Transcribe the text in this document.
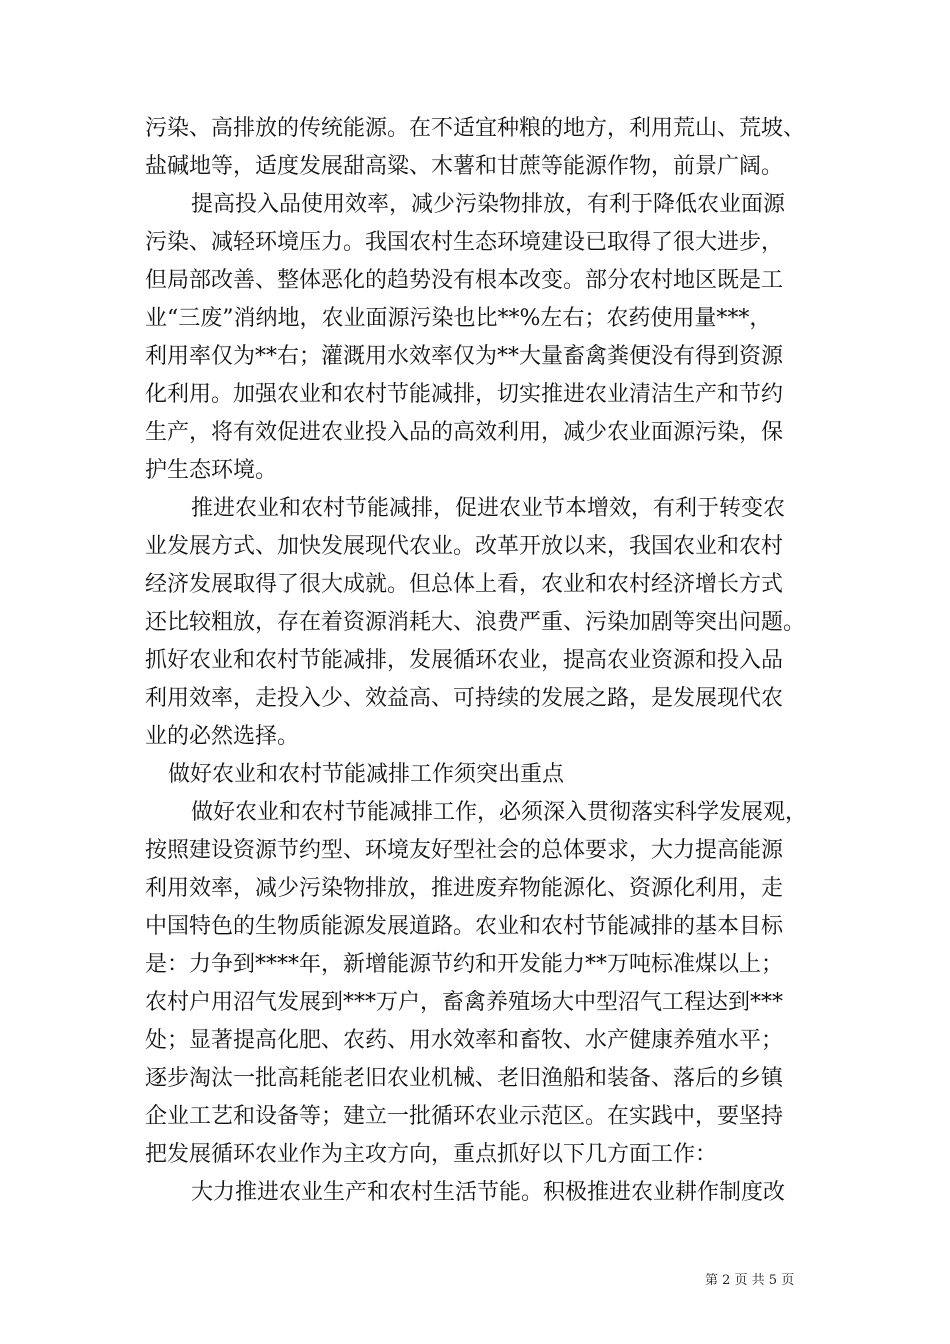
污染、高排放的传统能源。在不适宜种粮的地方，利用荒山、荒坡、
盐碱地等，适度发展甜高粱、木薯和甘蔗等能源作物，前景广阔。
提高投入品使用效率，减少污染物排放，有利于降低农业面源
污染、减轻环境压力。我国农村生态环境建设已取得了很大进步，
但局部改善、整体恶化的趋势没有根本改变。部分农村地区既是工
业“三废”消纳地，农业面源污染也比**%左右；农药使用量***，
利用率仅为**右；灌溉用水效率仅为**大量畜禽粪便没有得到资源
化利用。加强农业和农村节能减排，切实推进农业清洁生产和节约
生产，将有效促进农业投入品的高效利用，减少农业面源污染，保
护生态环境。
推进农业和农村节能减排，促进农业节本增效，有利于转变农
业发展方式、加快发展现代农业。改革开放以来，我国农业和农村
经济发展取得了很大成就。但总体上看，农业和农村经济增长方式
还比较粗放，存在着资源消耗大、浪费严重、污染加剧等突出问题。
抓好农业和农村节能减排，发展循环农业，提高农业资源和投入品
利用效率，走投入少、效益高、可持续的发展之路，是发展现代农
业的必然选择。
做好农业和农村节能减排工作须突出重点
做好农业和农村节能减排工作，必须深入贯彻落实科学发展观，
按照建设资源节约型、环境友好型社会的总体要求，大力提高能源
利用效率，减少污染物排放，推进废弃物能源化、资源化利用，走
中国特色的生物质能源发展道路。农业和农村节能减排的基本目标
是：力争到****年，新增能源节约和开发能力**万吨标准煤以上；
农村户用沼气发展到***万户，畜禽养殖场大中型沼气工程达到***
处；显著提高化肥、农药、用水效率和畜牧、水产健康养殖水平；
逐步淘汰一批高耗能老旧农业机械、老旧渔船和装备、落后的乡镇
企业工艺和设备等；建立一批循环农业示范区。在实践中，要坚持
把发展循环农业作为主攻方向，重点抓好以下几方面工作：
大力推进农业生产和农村生活节能。积极推进农业耕作制度改
第 2 页 共 5 页
